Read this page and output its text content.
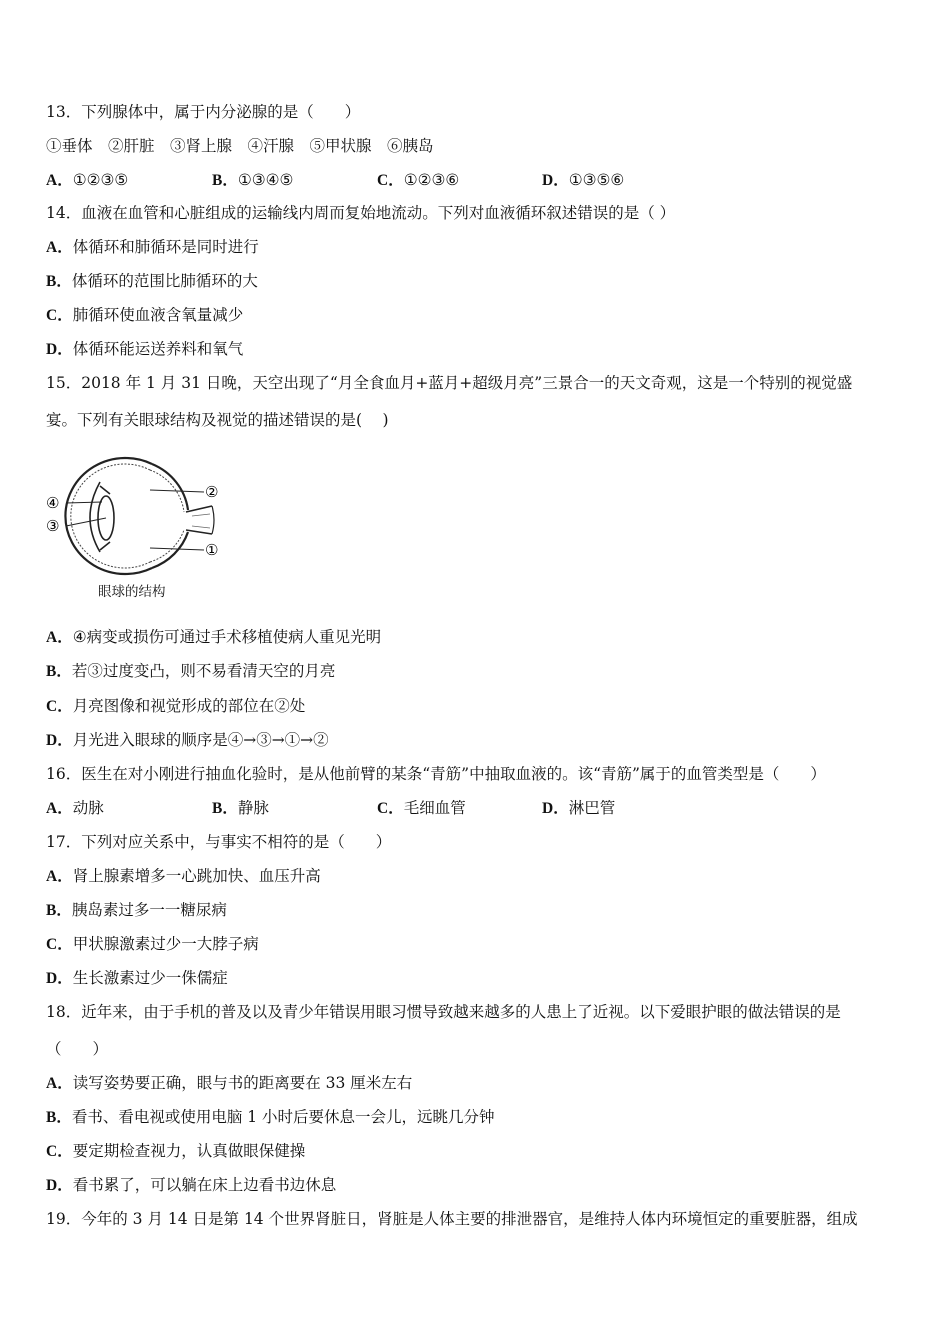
13．下列腺体中，属于内分泌腺的是（　　）
①垂体　②肝脏　③肾上腺　④汗腺　⑤甲状腺　⑥胰岛
A．①②③⑤	B．①③④⑤	C．①②③⑥	D．①③⑤⑥
14．血液在血管和心脏组成的运输线内周而复始地流动。下列对血液循环叙述错误的是（ ）
A．体循环和肺循环是同时进行
B．体循环的范围比肺循环的大
C．肺循环使血液含氧量减少
D．体循环能运送养料和氧气
15．2018 年 1 月 31 日晚，天空出现了“月全食血月+蓝月+超级月亮”三景合一的天文奇观，这是一个特别的视觉盛
宴。下列有关眼球结构及视觉的描述错误的是(　 )
④
③
②
①
眼球的结构
A．④病变或损伤可通过手术移植使病人重见光明
B．若③过度变凸，则不易看清天空的月亮
C．月亮图像和视觉形成的部位在②处
D．月光进入眼球的顺序是④→③→①→②
16．医生在对小刚进行抽血化验时，是从他前臂的某条“青筋”中抽取血液的。该“青筋”属于的血管类型是（　　）
A．动脉	B．静脉	C．毛细血管	D．淋巴管
17．下列对应关系中，与事实不相符的是（　　）
A．肾上腺素增多一心跳加快、血压升高
B．胰岛素过多一一糖尿病
C．甲状腺激素过少一大脖子病
D．生长激素过少一侏儒症
18．近年来，由于手机的普及以及青少年错误用眼习惯导致越来越多的人患上了近视。以下爱眼护眼的做法错误的是
（　　）
A．读写姿势要正确，眼与书的距离要在 33 厘米左右
B．看书、看电视或使用电脑 1 小时后要休息一会儿，远眺几分钟
C．要定期检查视力，认真做眼保健操
D．看书累了，可以躺在床上边看书边休息
19．今年的 3 月 14 日是第 14 个世界肾脏日，肾脏是人体主要的排泄器官，是维持人体内环境恒定的重要脏器，组成
